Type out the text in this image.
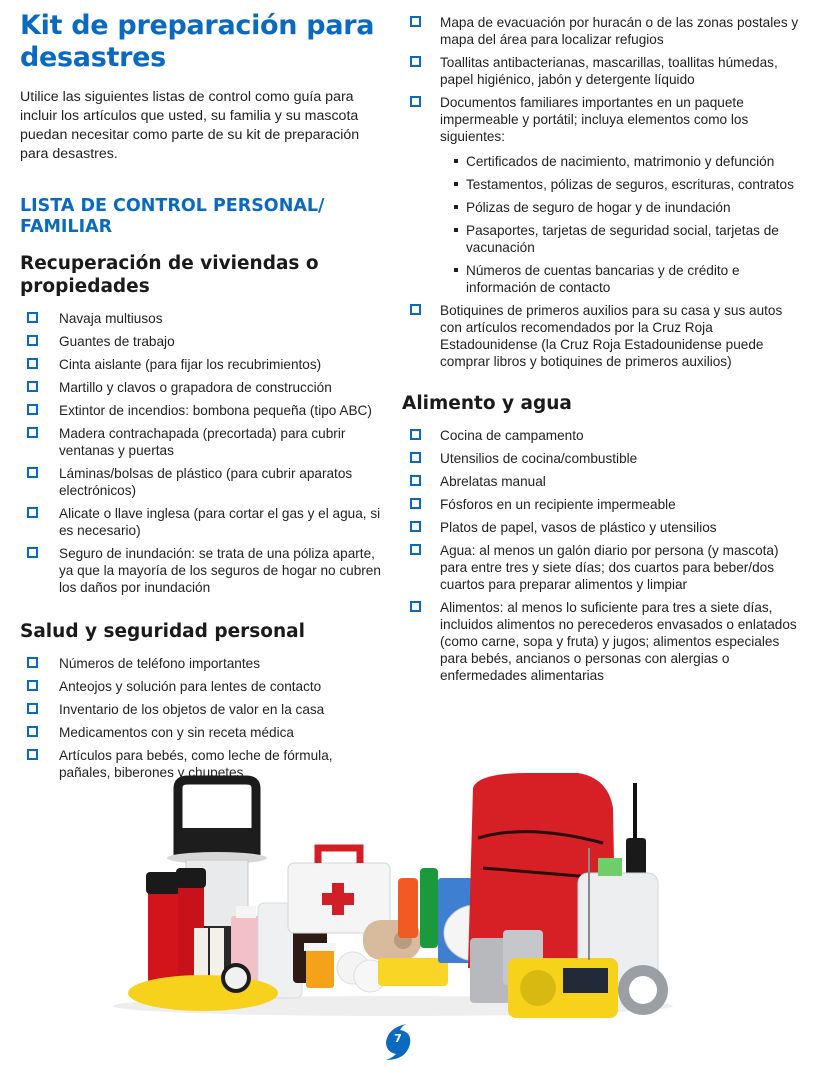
Kit de preparación para desastres

Utilice las siguientes listas de control como guía para incluir los artículos que usted, su familia y su mascota puedan necesitar como parte de su kit de preparación para desastres.

LISTA DE CONTROL PERSONAL/ FAMILIAR
Recuperación de viviendas o propiedades
Navaja multiusos
Guantes de trabajo
Cinta aislante (para fijar los recubrimientos)
Martillo y clavos o grapadora de construcción
Extintor de incendios: bombona pequeña (tipo ABC)
Madera contrachapada (precortada) para cubrir ventanas y puertas
Láminas/bolsas de plástico (para cubrir aparatos electrónicos)
Alicate o llave inglesa (para cortar el gas y el agua, si es necesario)
Seguro de inundación: se trata de una póliza aparte, ya que la mayoría de los seguros de hogar no cubren los daños por inundación
Salud y seguridad personal
Números de teléfono importantes
Anteojos y solución para lentes de contacto
Inventario de los objetos de valor en la casa
Medicamentos con y sin receta médica
Artículos para bebés, como leche de fórmula, pañales, biberones y chupetes
Mapa de evacuación por huracán o de las zonas postales y mapa del área para localizar refugios
Toallitas antibacterianas, mascarillas, toallitas húmedas, papel higiénico, jabón y detergente líquido
Documentos familiares importantes en un paquete impermeable y portátil; incluya elementos como los siguientes:
Certificados de nacimiento, matrimonio y defunción
Testamentos, pólizas de seguros, escrituras, contratos
Pólizas de seguro de hogar y de inundación
Pasaportes, tarjetas de seguridad social, tarjetas de vacunación
Números de cuentas bancarias y de crédito e información de contacto
Botiquines de primeros auxilios para su casa y sus autos con artículos recomendados por la Cruz Roja Estadounidense (la Cruz Roja Estadounidense puede comprar libros y botiquines de primeros auxilios)
Alimento y agua
Cocina de campamento
Utensilios de cocina/combustible
Abrelatas manual
Fósforos en un recipiente impermeable
Platos de papel, vasos de plástico y utensilios
Agua: al menos un galón diario por persona (y mascota) para entre tres y siete días; dos cuartos para beber/dos cuartos para preparar alimentos y limpiar
Alimentos: al menos lo suficiente para tres a siete días, incluidos alimentos no perecederos envasados o enlatados (como carne, sopa y fruta) y jugos; alimentos especiales para bebés, ancianos o personas con alergias o enfermedades alimentarias
7
